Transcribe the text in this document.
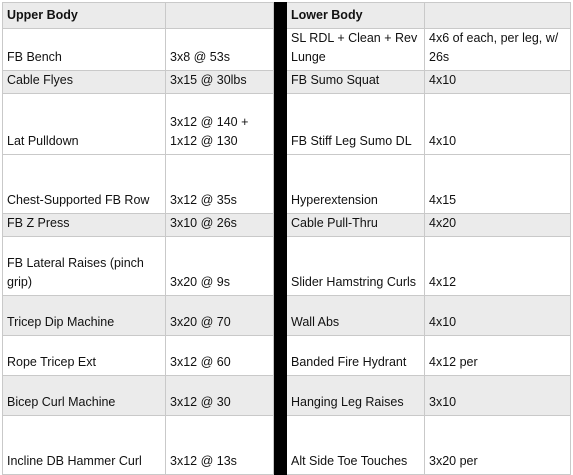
Upper Body			Lower Body	
FB Bench	3x8 @ 53s		SL RDL + Clean + Rev Lunge	4x6 of each, per leg, w/ 26s
Cable Flyes	3x15 @ 30lbs		FB Sumo Squat	4x10
Lat Pulldown	3x12 @ 140 + 1x12 @ 130		FB Stiff Leg Sumo DL	4x10
Chest-Supported FB Row	3x12 @ 35s		Hyperextension	4x15
FB Z Press	3x10 @ 26s		Cable Pull-Thru	4x20
FB Lateral Raises (pinch grip)	3x20 @ 9s		Slider Hamstring Curls	4x12
Tricep Dip Machine	3x20 @ 70		Wall Abs	4x10
Rope Tricep Ext	3x12 @ 60		Banded Fire Hydrant	4x12 per
Bicep Curl Machine	3x12 @ 30		Hanging Leg Raises	3x10
Incline DB Hammer Curl	3x12 @ 13s		Alt Side Toe Touches	3x20 per
